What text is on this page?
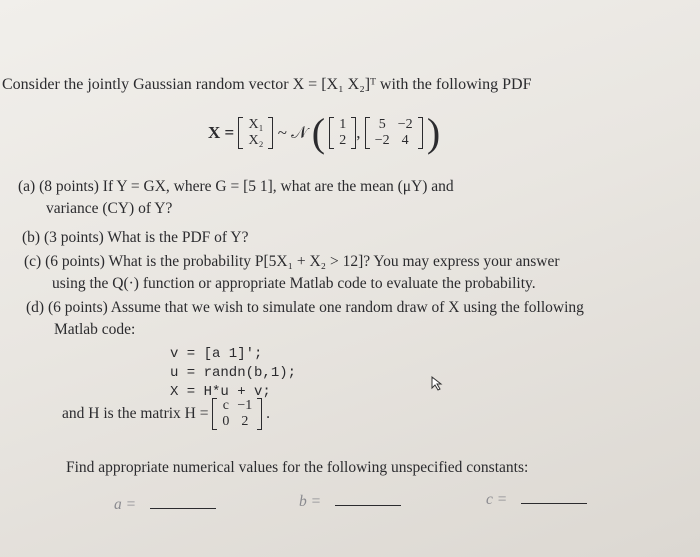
Consider the jointly Gaussian random vector X = [X₁ X₂]ᵀ with the following PDF
X = X₁
X₂ ~ 𝒩 ( 1
2 , 5	−2
−2	4 )
(a) (8 points) If Y = GX, where G = [5 1], what are the mean (μY) and
variance (CY) of Y?
(b) (3 points) What is the PDF of Y?
(c) (6 points) What is the probability P[5X₁ + X₂ > 12]? You may express your answer
using the Q(·) function or appropriate Matlab code to evaluate the probability.
(d) (6 points) Assume that we wish to simulate one random draw of X using the following
Matlab code:
v = [a 1]';
u = randn(b,1);
X = H*u + v;
and H is the matrix H = c	−1
0	2 .
Find appropriate numerical values for the following unspecified constants:
a =	b =	c =
